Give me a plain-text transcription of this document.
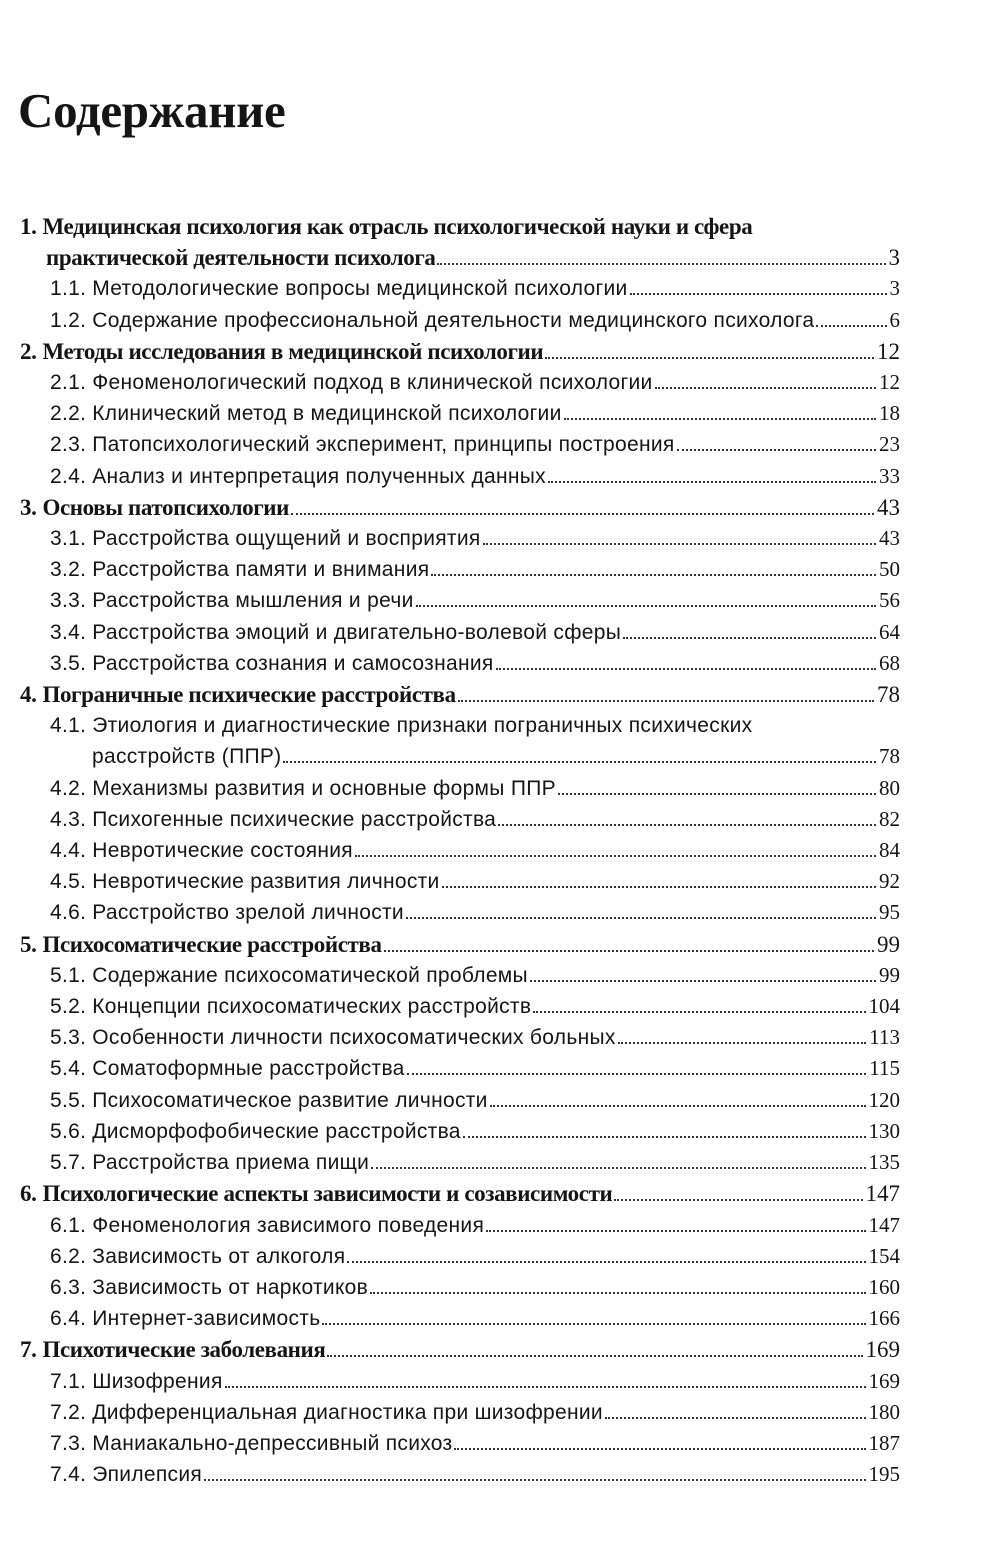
Содержание
1. Медицинская психология как отрасль психологической науки и сфера
практической деятельности психолога	3
1.1. Методологические вопросы медицинской психологии	3
1.2. Содержание профессиональной деятельности медицинского психолога	6
2. Методы исследования в медицинской психологии	12
2.1. Феноменологический подход в клинической психологии	12
2.2. Клинический метод в медицинской психологии	18
2.3. Патопсихологический эксперимент, принципы построения	23
2.4. Анализ и интерпретация полученных данных	33
3. Основы патопсихологии	43
3.1. Расстройства ощущений и восприятия	43
3.2. Расстройства памяти и внимания	50
3.3. Расстройства мышления и речи	56
3.4. Расстройства эмоций и двигательно-волевой сферы	64
3.5. Расстройства сознания и самосознания	68
4. Пограничные психические расстройства	78
4.1. Этиология и диагностические признаки пограничных психических
расстройств (ППР)	78
4.2. Механизмы развития и основные формы ППР	80
4.3. Психогенные психические расстройства	82
4.4. Невротические состояния	84
4.5. Невротические развития личности	92
4.6. Расстройство зрелой личности	95
5. Психосоматические расстройства	99
5.1. Содержание психосоматической проблемы	99
5.2. Концепции психосоматических расстройств	104
5.3. Особенности личности психосоматических больных	113
5.4. Соматоформные расстройства	115
5.5. Психосоматическое развитие личности	120
5.6. Дисморфофобические расстройства	130
5.7. Расстройства приема пищи	135
6. Психологические аспекты зависимости и созависимости	147
6.1. Феноменология зависимого поведения	147
6.2. Зависимость от алкоголя	154
6.3. Зависимость от наркотиков	160
6.4. Интернет-зависимость	166
7. Психотические заболевания	169
7.1. Шизофрения	169
7.2. Дифференциальная диагностика при шизофрении	180
7.3. Маниакально-депрессивный психоз	187
7.4. Эпилепсия	195
